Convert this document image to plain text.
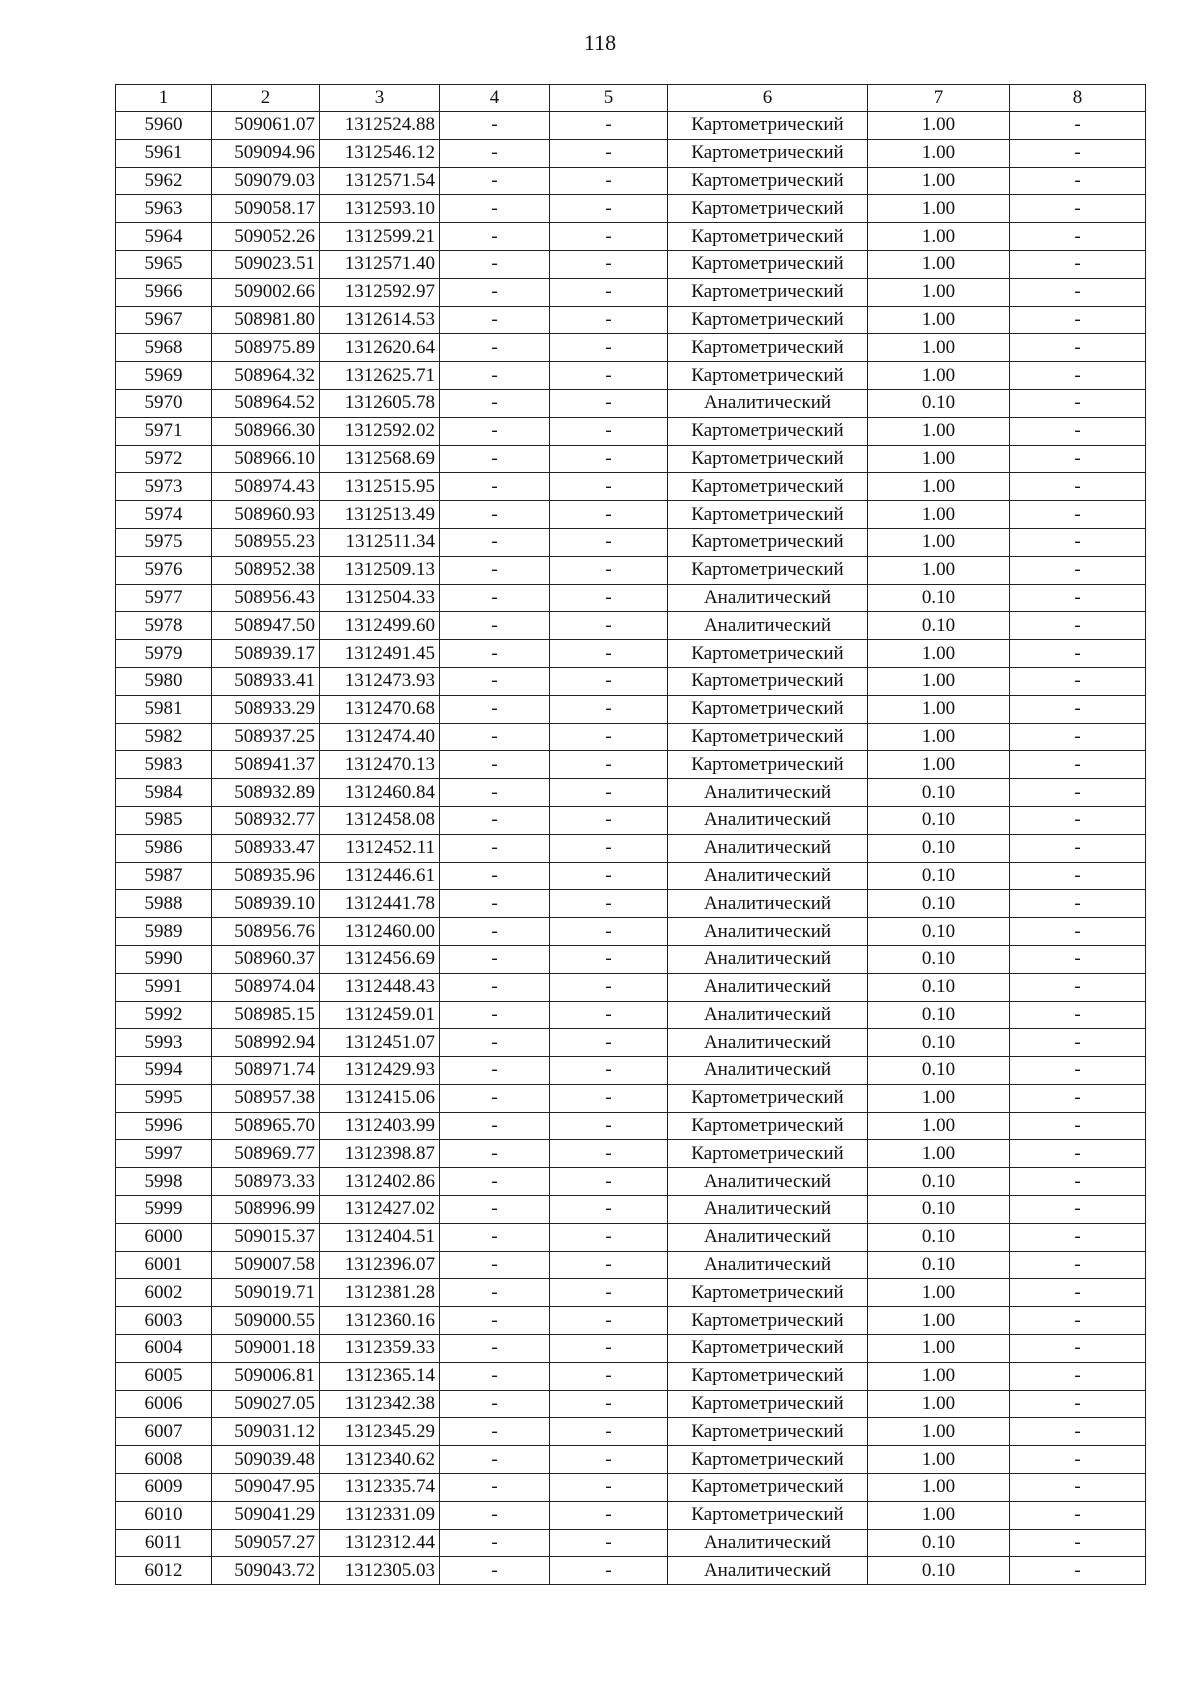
118
1	2	3	4	5	6	7	8
5960	509061.07	1312524.88	-	-	Картометрический	1.00	-
5961	509094.96	1312546.12	-	-	Картометрический	1.00	-
5962	509079.03	1312571.54	-	-	Картометрический	1.00	-
5963	509058.17	1312593.10	-	-	Картометрический	1.00	-
5964	509052.26	1312599.21	-	-	Картометрический	1.00	-
5965	509023.51	1312571.40	-	-	Картометрический	1.00	-
5966	509002.66	1312592.97	-	-	Картометрический	1.00	-
5967	508981.80	1312614.53	-	-	Картометрический	1.00	-
5968	508975.89	1312620.64	-	-	Картометрический	1.00	-
5969	508964.32	1312625.71	-	-	Картометрический	1.00	-
5970	508964.52	1312605.78	-	-	Аналитический	0.10	-
5971	508966.30	1312592.02	-	-	Картометрический	1.00	-
5972	508966.10	1312568.69	-	-	Картометрический	1.00	-
5973	508974.43	1312515.95	-	-	Картометрический	1.00	-
5974	508960.93	1312513.49	-	-	Картометрический	1.00	-
5975	508955.23	1312511.34	-	-	Картометрический	1.00	-
5976	508952.38	1312509.13	-	-	Картометрический	1.00	-
5977	508956.43	1312504.33	-	-	Аналитический	0.10	-
5978	508947.50	1312499.60	-	-	Аналитический	0.10	-
5979	508939.17	1312491.45	-	-	Картометрический	1.00	-
5980	508933.41	1312473.93	-	-	Картометрический	1.00	-
5981	508933.29	1312470.68	-	-	Картометрический	1.00	-
5982	508937.25	1312474.40	-	-	Картометрический	1.00	-
5983	508941.37	1312470.13	-	-	Картометрический	1.00	-
5984	508932.89	1312460.84	-	-	Аналитический	0.10	-
5985	508932.77	1312458.08	-	-	Аналитический	0.10	-
5986	508933.47	1312452.11	-	-	Аналитический	0.10	-
5987	508935.96	1312446.61	-	-	Аналитический	0.10	-
5988	508939.10	1312441.78	-	-	Аналитический	0.10	-
5989	508956.76	1312460.00	-	-	Аналитический	0.10	-
5990	508960.37	1312456.69	-	-	Аналитический	0.10	-
5991	508974.04	1312448.43	-	-	Аналитический	0.10	-
5992	508985.15	1312459.01	-	-	Аналитический	0.10	-
5993	508992.94	1312451.07	-	-	Аналитический	0.10	-
5994	508971.74	1312429.93	-	-	Аналитический	0.10	-
5995	508957.38	1312415.06	-	-	Картометрический	1.00	-
5996	508965.70	1312403.99	-	-	Картометрический	1.00	-
5997	508969.77	1312398.87	-	-	Картометрический	1.00	-
5998	508973.33	1312402.86	-	-	Аналитический	0.10	-
5999	508996.99	1312427.02	-	-	Аналитический	0.10	-
6000	509015.37	1312404.51	-	-	Аналитический	0.10	-
6001	509007.58	1312396.07	-	-	Аналитический	0.10	-
6002	509019.71	1312381.28	-	-	Картометрический	1.00	-
6003	509000.55	1312360.16	-	-	Картометрический	1.00	-
6004	509001.18	1312359.33	-	-	Картометрический	1.00	-
6005	509006.81	1312365.14	-	-	Картометрический	1.00	-
6006	509027.05	1312342.38	-	-	Картометрический	1.00	-
6007	509031.12	1312345.29	-	-	Картометрический	1.00	-
6008	509039.48	1312340.62	-	-	Картометрический	1.00	-
6009	509047.95	1312335.74	-	-	Картометрический	1.00	-
6010	509041.29	1312331.09	-	-	Картометрический	1.00	-
6011	509057.27	1312312.44	-	-	Аналитический	0.10	-
6012	509043.72	1312305.03	-	-	Аналитический	0.10	-
